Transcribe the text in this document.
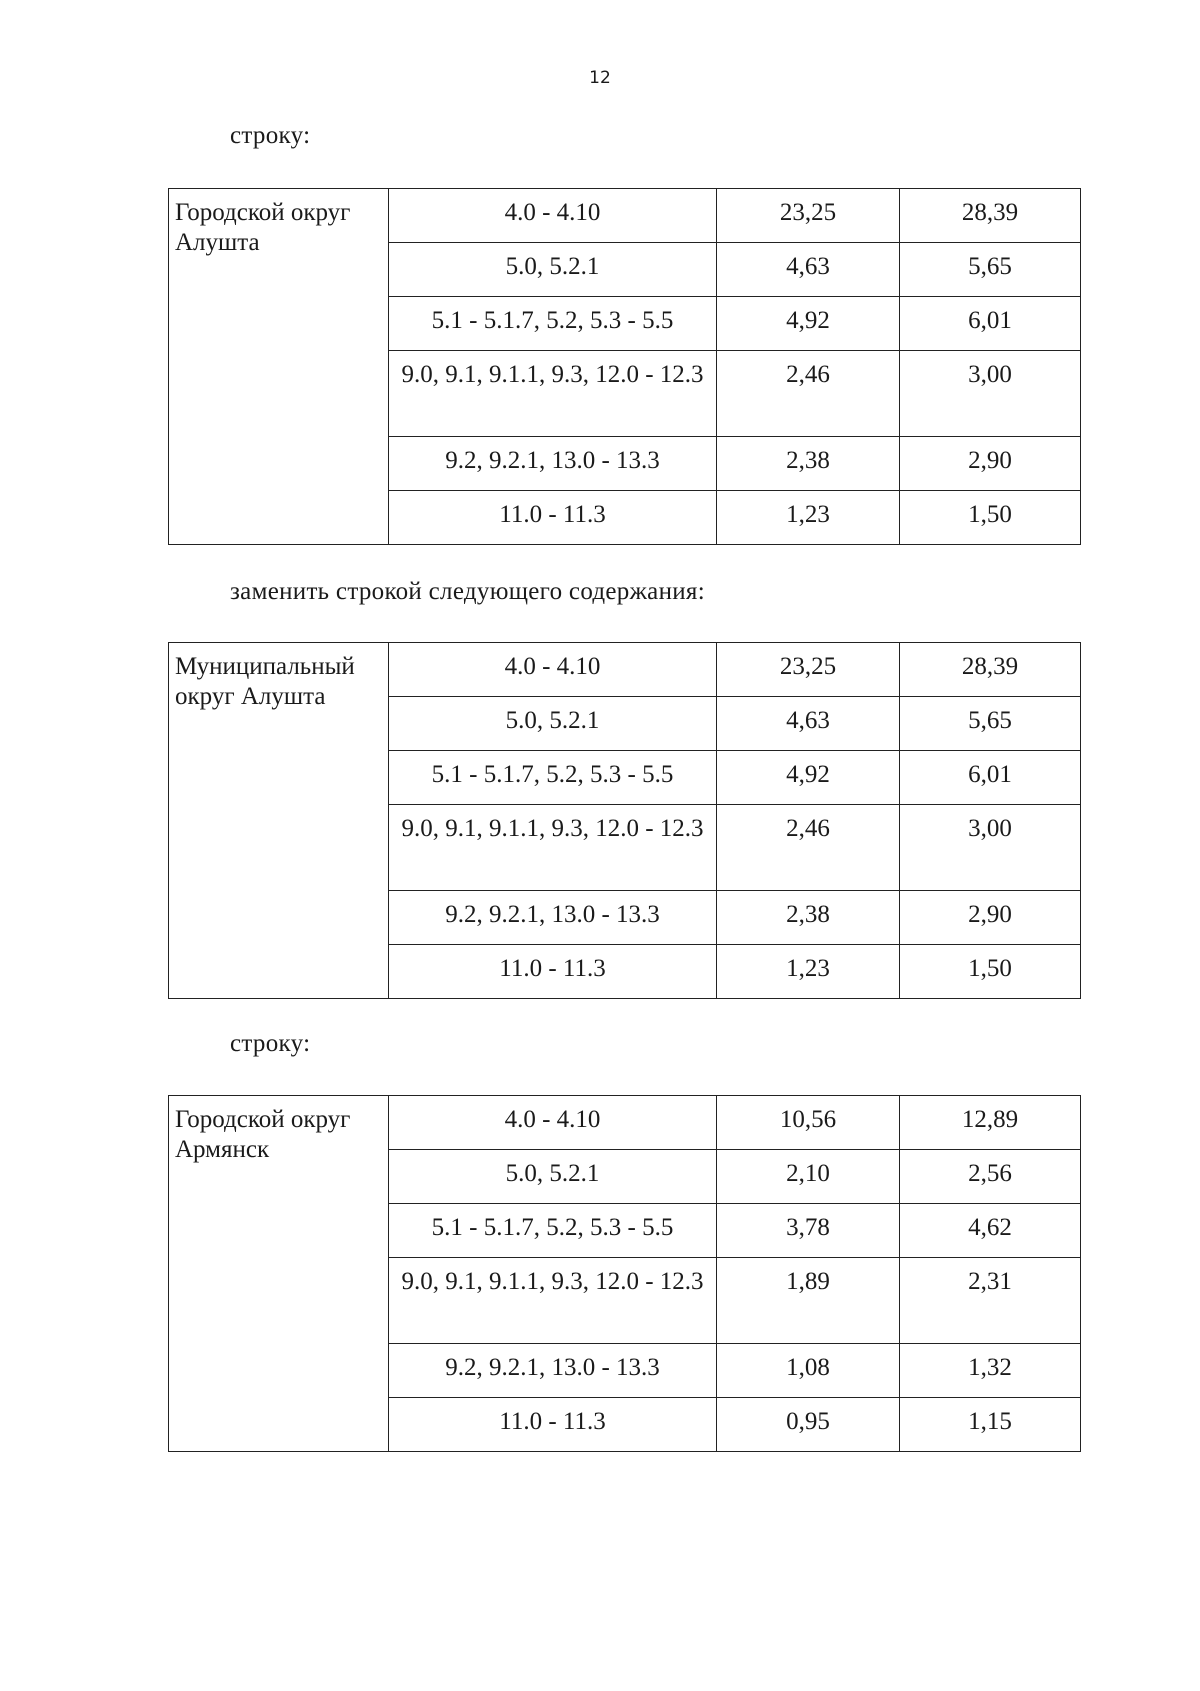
12
строку:
Городской округ Алушта	4.0 - 4.10	23,25	28,39
	5.0, 5.2.1	4,63	5,65
	5.1 - 5.1.7, 5.2, 5.3 - 5.5	4,92	6,01
	9.0, 9.1, 9.1.1, 9.3, 12.0 - 12.3	2,46	3,00
	9.2, 9.2.1, 13.0 - 13.3	2,38	2,90
	11.0 - 11.3	1,23	1,50
заменить строкой следующего содержания:
Муниципальный округ Алушта	4.0 - 4.10	23,25	28,39
	5.0, 5.2.1	4,63	5,65
	5.1 - 5.1.7, 5.2, 5.3 - 5.5	4,92	6,01
	9.0, 9.1, 9.1.1, 9.3, 12.0 - 12.3	2,46	3,00
	9.2, 9.2.1, 13.0 - 13.3	2,38	2,90
	11.0 - 11.3	1,23	1,50
строку:
Городской округ Армянск	4.0 - 4.10	10,56	12,89
	5.0, 5.2.1	2,10	2,56
	5.1 - 5.1.7, 5.2, 5.3 - 5.5	3,78	4,62
	9.0, 9.1, 9.1.1, 9.3, 12.0 - 12.3	1,89	2,31
	9.2, 9.2.1, 13.0 - 13.3	1,08	1,32
	11.0 - 11.3	0,95	1,15
